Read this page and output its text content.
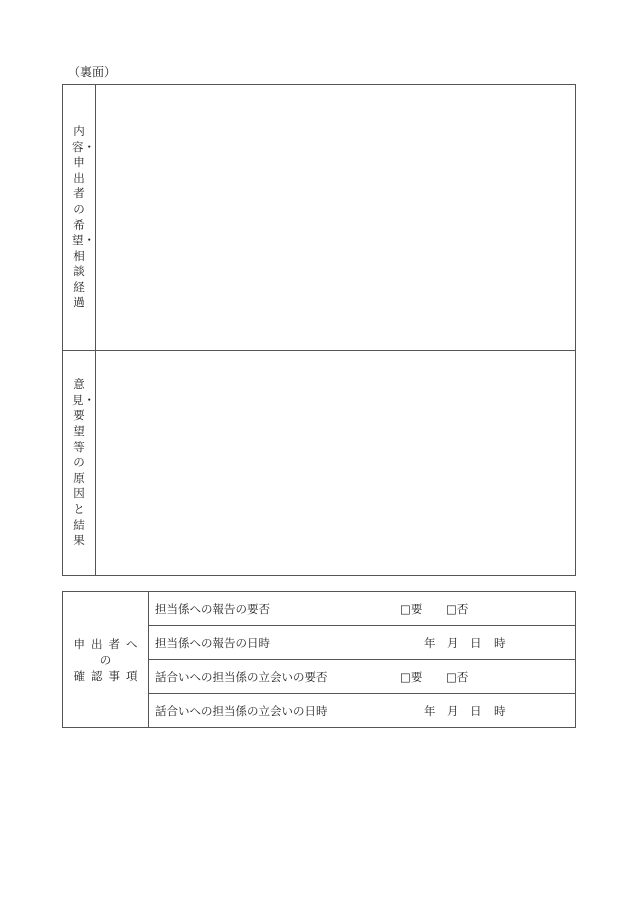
（裏面）
内容・申出者の希望・相談経過	
意見・要望等の原因と結果	
申出者への
確認事項

担当係への報告の要否	□要 □否

担当係への報告の日時	年 月 日 時

話合いへの担当係の立会いの要否	□要 □否

話合いへの担当係の立会いの日時	年 月 日 時
